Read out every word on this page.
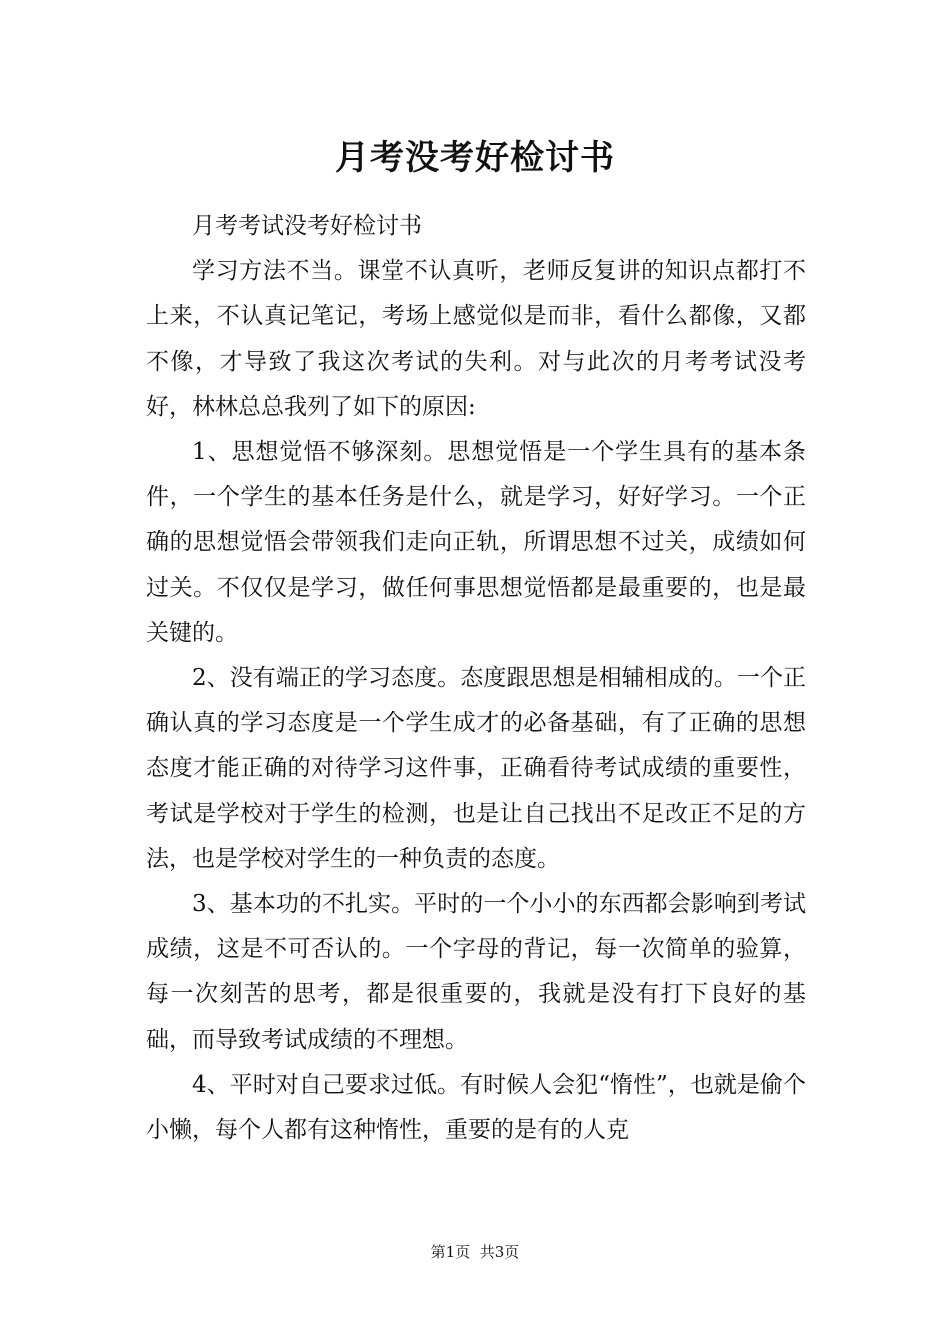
月考没考好检讨书

月考考试没考好检讨书

学习方法不当。课堂不认真听，老师反复讲的知识点都打不上来，不认真记笔记，考场上感觉似是而非，看什么都像，又都不像，才导致了我这次考试的失利。对与此次的月考考试没考好，林林总总我列了如下的原因:

1、思想觉悟不够深刻。思想觉悟是一个学生具有的基本条件，一个学生的基本任务是什么，就是学习，好好学习。一个正确的思想觉悟会带领我们走向正轨，所谓思想不过关，成绩如何过关。不仅仅是学习，做任何事思想觉悟都是最重要的，也是最关键的。

2、没有端正的学习态度。态度跟思想是相辅相成的。一个正确认真的学习态度是一个学生成才的必备基础，有了正确的思想态度才能正确的对待学习这件事，正确看待考试成绩的重要性，考试是学校对于学生的检测，也是让自己找出不足改正不足的方法，也是学校对学生的一种负责的态度。

3、基本功的不扎实。平时的一个小小的东西都会影响到考试成绩，这是不可否认的。一个字母的背记，每一次简单的验算，每一次刻苦的思考，都是很重要的，我就是没有打下良好的基础，而导致考试成绩的不理想。

4、平时对自己要求过低。有时候人会犯“惰性”，也就是偷个小懒，每个人都有这种惰性，重要的是有的人克

第1页 共3页
